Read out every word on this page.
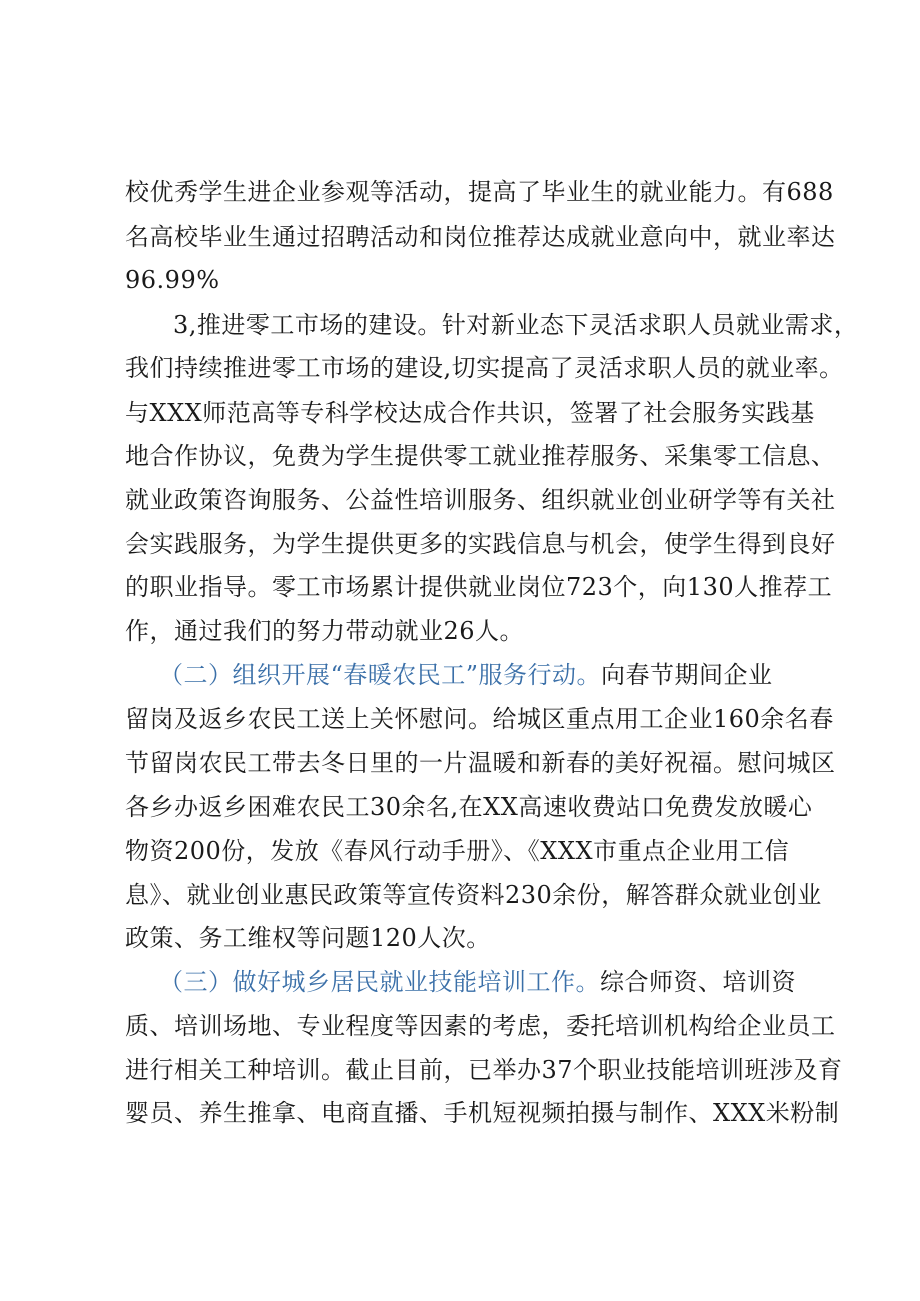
校优秀学生进企业参观等活动，提高了毕业生的就业能力。有688
名高校毕业生通过招聘活动和岗位推荐达成就业意向中，就业率达
96.99%
3,推进零工市场的建设。针对新业态下灵活求职人员就业需求，
我们持续推进零工市场的建设,切实提高了灵活求职人员的就业率。
与XXX师范高等专科学校达成合作共识，签署了社会服务实践基
地合作协议，免费为学生提供零工就业推荐服务、采集零工信息、
就业政策咨询服务、公益性培训服务、组织就业创业研学等有关社
会实践服务，为学生提供更多的实践信息与机会，使学生得到良好
的职业指导。零工市场累计提供就业岗位723个，向130人推荐工
作，通过我们的努力带动就业26人。
（二）组织开展“春暖农民工”服务行动。向春节期间企业
留岗及返乡农民工送上关怀慰问。给城区重点用工企业160余名春
节留岗农民工带去冬日里的一片温暖和新春的美好祝福。慰问城区
各乡办返乡困难农民工30余名,在XX高速收费站口免费发放暖心
物资200份，发放《春风行动手册》、《XXX市重点企业用工信
息》、就业创业惠民政策等宣传资料230余份，解答群众就业创业
政策、务工维权等问题120人次。
（三）做好城乡居民就业技能培训工作。综合师资、培训资
质、培训场地、专业程度等因素的考虑，委托培训机构给企业员工
进行相关工种培训。截止目前，已举办37个职业技能培训班涉及育
婴员、养生推拿、电商直播、手机短视频拍摄与制作、XXX米粉制
